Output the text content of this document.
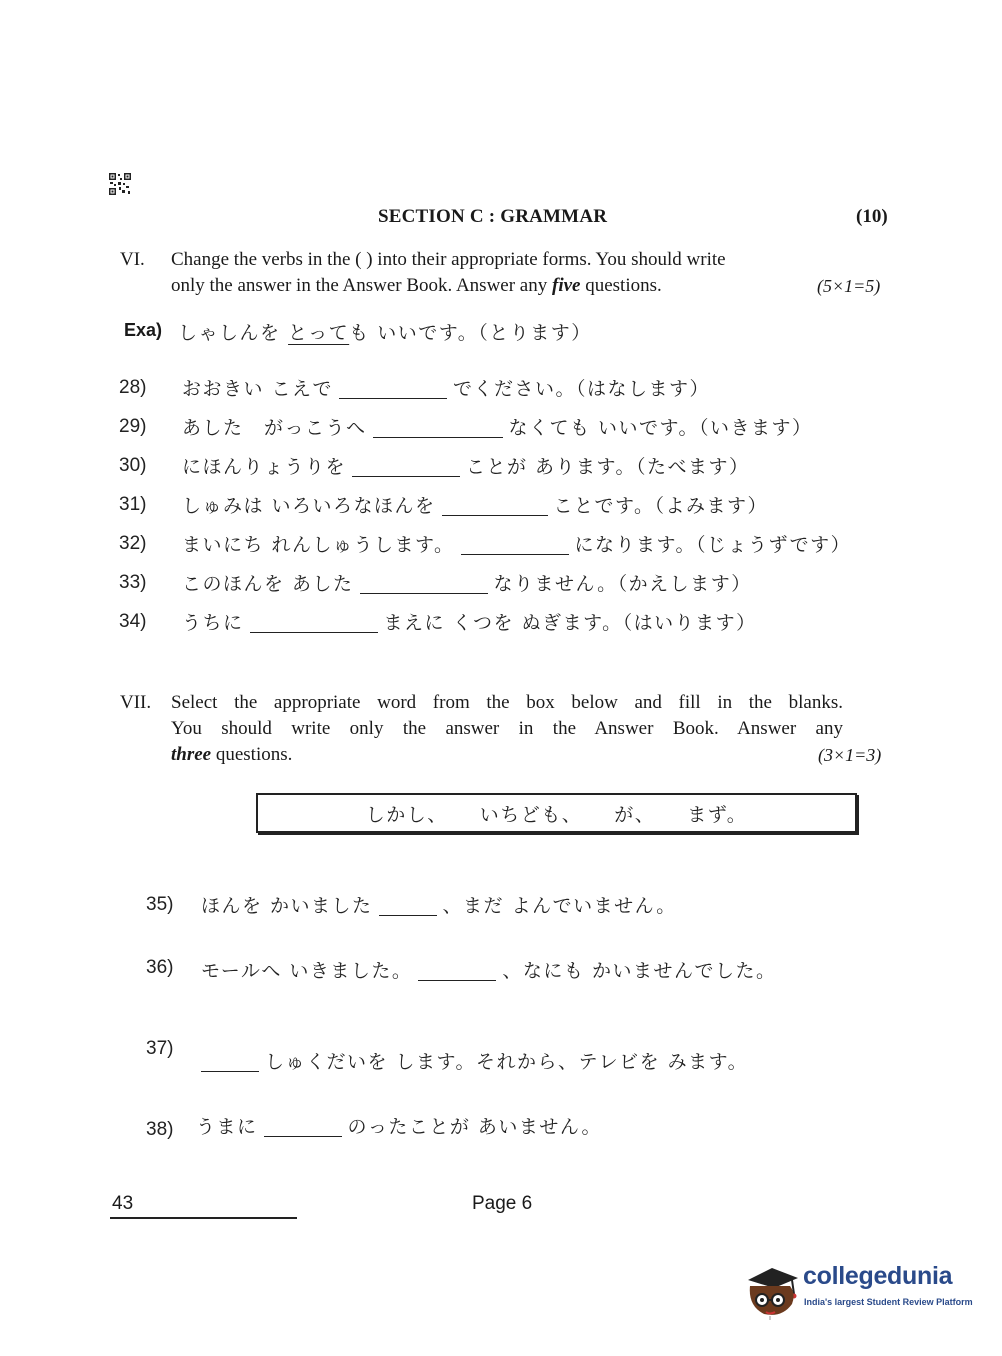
SECTION C : GRAMMAR	(10)
VI. Change the verbs in the ( ) into their appropriate forms. You should write
only the answer in the Answer Book. Answer any five questions.	(5×1=5)
Exa) しゃしんを とっても いいです。（とります）
28) おおきい こえで	でください。（はなします）
29) あした　がっこうへ	なくても いいです。（いきます）
30) にほんりょうりを	ことが あります。（たべます）
31) しゅみは いろいろなほんを	ことです。（よみます）
32) まいにち れんしゅうします。	になります。（じょうずです）
33) このほんを あした	なりません。（かえします）
34) うちに	まえに くつを ぬぎます。（はいります）
VII. Select the appropriate word from the box below and fill in the blanks.
You should write only the answer in the Answer Book. Answer any
three questions.	(3×1=3)
しかし、 いちども、 が、 まず。
35) ほんを かいました	、まだ よんでいません。
36) モールへ いきました。	、なにも かいませんでした。
37)
しゅくだいを します。それから、テレビを みます。
38) うまに	のったことが あいません。
43	Page 6
collegedunia
India's largest Student Review Platform
